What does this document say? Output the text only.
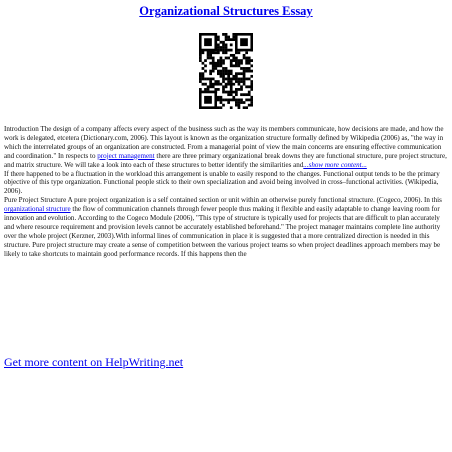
Organizational Structures Essay

Introduction The design of a company affects every aspect of the business such as the way its members communicate, how decisions are made, and how the work is delegated, etcetera (Dictionary.com, 2006). This layout is known as the organization structure formally defined by Wikipedia (2006) as, "the way in which the interrelated groups of an organization are constructed. From a managerial point of view the main concerns are ensuring effective communication and coordination." In respects to project management there are three primary organizational break downs they are functional structure, pure project structure, and matrix structure. We will take a look into each of these structures to better identify the similarities and...show more content...
If there happened to be a fluctuation in the workload this arrangement is unable to easily respond to the changes. Functional output tends to be the primary objective of this type organization. Functional people stick to their own specialization and avoid being involved in cross–functional activities. (Wikipedia, 2006).

Pure Project Structure A pure project organization is a self contained section or unit within an otherwise purely functional structure. (Cogeco, 2006). In this organizational structure the flow of communication channels through fewer people thus making it flexible and easily adaptable to change leaving room for innovation and evolution. According to the Cogeco Module (2006), "This type of structure is typically used for projects that are difficult to plan accurately and where resource requirement and provision levels cannot be accurately established beforehand." The project manager maintains complete line authority over the whole project (Kerzner, 2003).With informal lines of communication in place it is suggested that a more centralized direction is needed in this structure. Pure project structure may create a sense of competition between the various project teams so when project deadlines approach members may be likely to take shortcuts to maintain good performance records. If this happens then the

Get more content on HelpWriting.net
